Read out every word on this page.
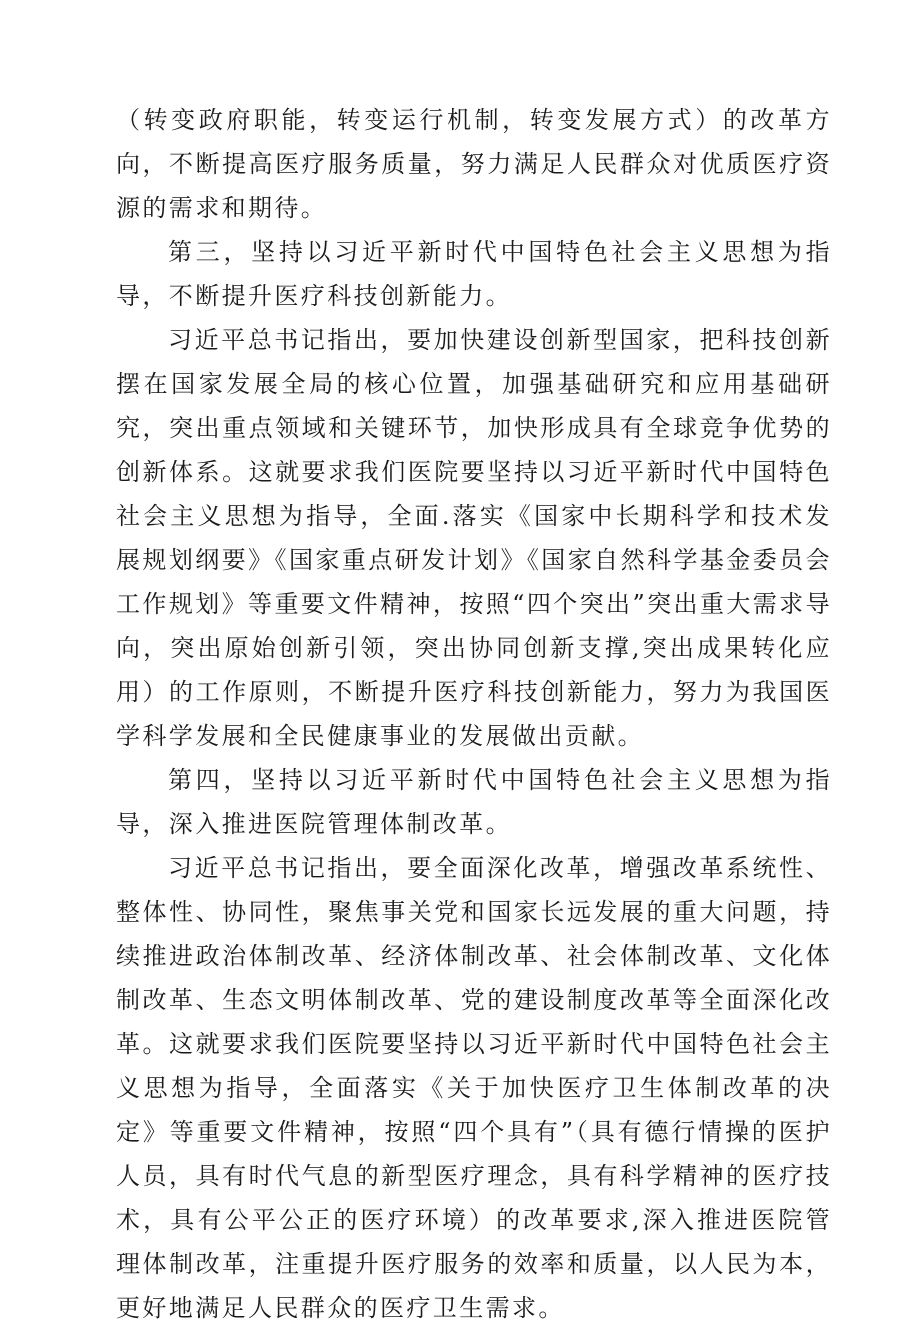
（转变政府职能，转变运行机制，转变发展方式）的改革方向，不断提高医疗服务质量，努力满足人民群众对优质医疗资源的需求和期待。

第三，坚持以习近平新时代中国特色社会主义思想为指导，不断提升医疗科技创新能力。

习近平总书记指出，要加快建设创新型国家，把科技创新摆在国家发展全局的核心位置，加强基础研究和应用基础研究，突出重点领域和关键环节，加快形成具有全球竞争优势的创新体系。这就要求我们医院要坚持以习近平新时代中国特色社会主义思想为指导，全面.落实《国家中长期科学和技术发展规划纲要》《国家重点研发计划》《国家自然科学基金委员会工作规划》等重要文件精神，按照“四个突出”突出重大需求导向，突出原始创新引领，突出协同创新支撑,突出成果转化应用）的工作原则，不断提升医疗科技创新能力，努力为我国医学科学发展和全民健康事业的发展做出贡献。

第四，坚持以习近平新时代中国特色社会主义思想为指导，深入推进医院管理体制改革。

习近平总书记指出，要全面深化改革，增强改革系统性、整体性、协同性，聚焦事关党和国家长远发展的重大问题，持续推进政治体制改革、经济体制改革、社会体制改革、文化体制改革、生态文明体制改革、党的建设制度改革等全面深化改革。这就要求我们医院要坚持以习近平新时代中国特色社会主义思想为指导，全面落实《关于加快医疗卫生体制改革的决定》等重要文件精神，按照“四个具有”（具有德行情操的医护人员，具有时代气息的新型医疗理念，具有科学精神的医疗技术，具有公平公正的医疗环境）的改革要求,深入推进医院管理体制改革，注重提升医疗服务的效率和质量，以人民为本，更好地满足人民群众的医疗卫生需求。
